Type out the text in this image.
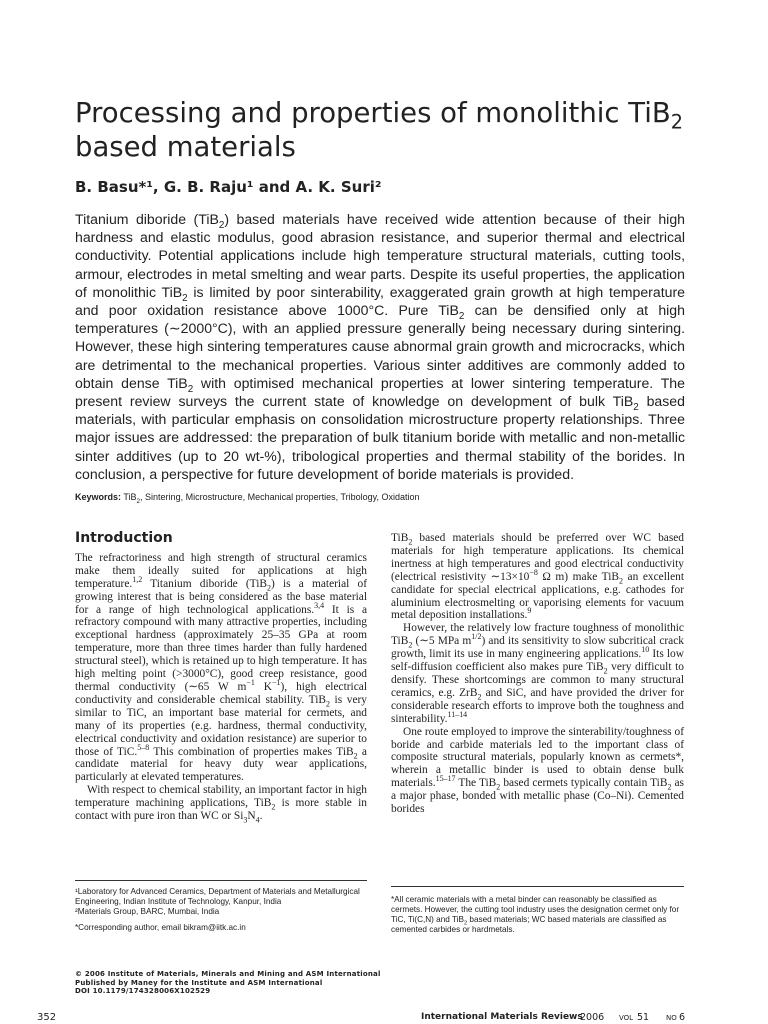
Processing and properties of monolithic TiB$_2$
based materials

B. Basu*¹, G. B. Raju¹ and A. K. Suri²

Titanium diboride (TiB$_2$) based materials have received wide attention because of their high hardness and elastic modulus, good abrasion resistance, and superior thermal and electrical conductivity. Potential applications include high temperature structural materials, cutting tools, armour, electrodes in metal smelting and wear parts. Despite its useful properties, the application of monolithic TiB$_2$ is limited by poor sinterability, exaggerated grain growth at high temperature and poor oxidation resistance above 1000°C. Pure TiB$_2$ can be densified only at high temperatures (∼2000°C), with an applied pressure generally being necessary during sintering. However, these high sintering temperatures cause abnormal grain growth and microcracks, which are detrimental to the mechanical properties. Various sinter additives are commonly added to obtain dense TiB$_2$ with optimised mechanical properties at lower sintering temperature. The present review surveys the current state of knowledge on development of bulk TiB$_2$ based materials, with particular emphasis on consolidation microstructure property relationships. Three major issues are addressed: the preparation of bulk titanium boride with metallic and non-metallic sinter additives (up to 20 wt-%), tribological properties and thermal stability of the borides. In conclusion, a perspective for future development of boride materials is provided.

Keywords: TiB$_2$, Sintering, Microstructure, Mechanical properties, Tribology, Oxidation

Introduction

The refractoriness and high strength of structural ceramics make them ideally suited for applications at high temperature.$^{1,2}$ Titanium diboride (TiB$_2$) is a material of growing interest that is being considered as the base material for a range of high technological applications.$^{3,4}$ It is a refractory compound with many attractive properties, including exceptional hardness (approximately 25–35 GPa at room temperature, more than three times harder than fully hardened structural steel), which is retained up to high temperature. It has high melting point (>3000°C), good creep resistance, good thermal conductivity (∼65 W $m^{-1}$ $K^{-1}$), high electrical conductivity and considerable chemical stability. TiB$_2$ is very similar to TiC, an important base material for cermets, and many of its properties (e.g. hardness, thermal conductivity, electrical conductivity and oxidation resistance) are superior to those of TiC.$^{5-8}$ This combination of properties makes TiB$_2$ a candidate material for heavy duty wear applications, particularly at elevated temperatures.

With respect to chemical stability, an important factor in high temperature machining applications, TiB$_2$ is more stable in contact with pure iron than WC or $Si_3N_4$.

TiB$_2$ based materials should be preferred over WC based materials for high temperature applications. Its chemical inertness at high temperatures and good electrical conductivity (electrical resistivity $\sim 13\times 10^{-8}$ Ω m) make TiB$_2$ an excellent candidate for special electrical applications, e.g. cathodes for aluminium electrosmelting or vaporising elements for vacuum metal deposition installations.$^9$

However, the relatively low fracture toughness of monolithic TiB$_2$ (∼5 MPa $m^{1/2}$) and its sensitivity to slow subcritical crack growth, limit its use in many engineering applications.$^{10}$ Its low self-diffusion coefficient also makes pure TiB$_2$ very difficult to densify. These shortcomings are common to many structural ceramics, e.g. ZrB$_2$ and SiC, and have provided the driver for considerable research efforts to improve both the toughness and sinterability.$^{11-14}$

One route employed to improve the sinterability/toughness of boride and carbide materials led to the important class of composite structural materials, popularly known as cermets*, wherein a metallic binder is used to obtain dense bulk materials.$^{15-17}$ The TiB$_2$ based cermets typically contain TiB$_2$ as a major phase, bonded with metallic phase (Co–Ni). Cemented borides

¹Laboratory for Advanced Ceramics, Department of Materials and Metallurgical Engineering, Indian Institute of Technology, Kanpur, India

²Materials Group, BARC, Mumbai, India

*Corresponding author, email bikram@iitk.ac.in

*All ceramic materials with a metal binder can reasonably be classified as cermets. However, the cutting tool industry uses the designation cermet only for TiC, Ti(C,N) and TiB$_2$ based materials; WC based materials are classified as cemented carbides or hardmetals.

© 2006 Institute of Materials, Minerals and Mining and ASM International

Published by Maney for the Institute and ASM International

DOI 10.1179/174328006X102529

352	International Materials Reviews
2006 VOL 51 NO 6
